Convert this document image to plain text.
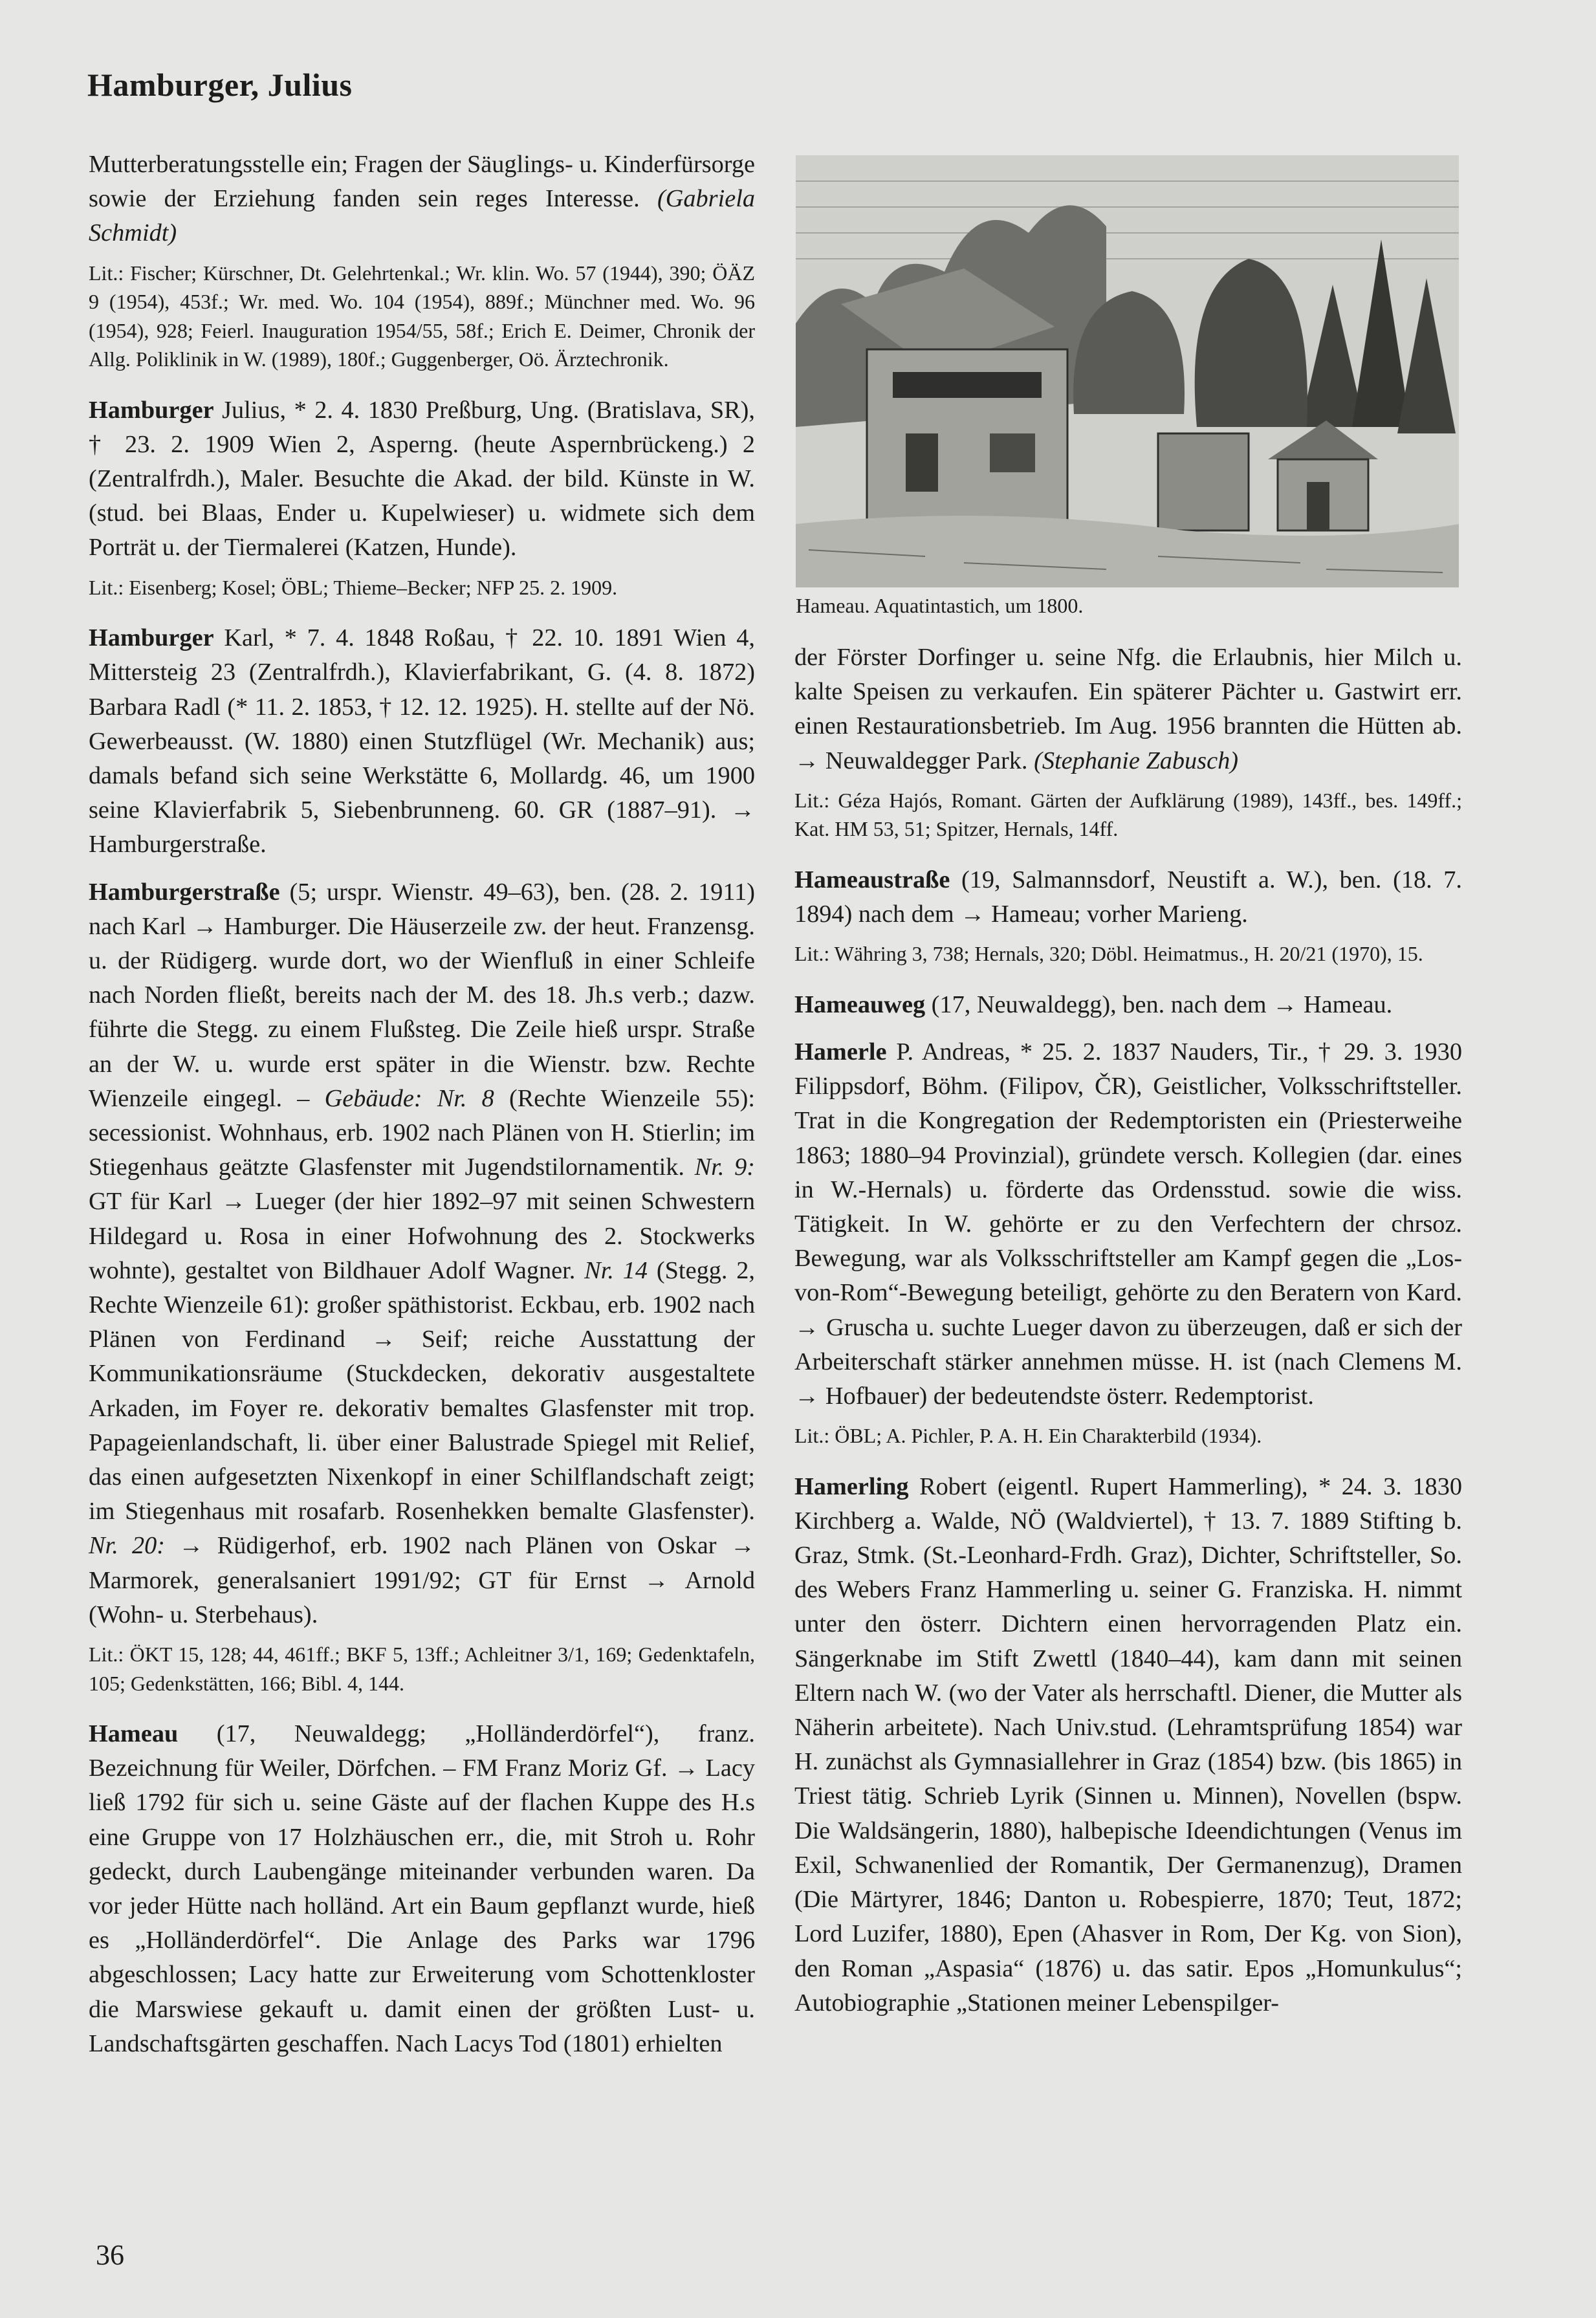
Hamburger, Julius

Mutterberatungsstelle ein; Fragen der Säuglings- u. Kinderfürsorge sowie der Erziehung fanden sein reges Interesse. (Gabriela Schmidt)

Lit.: Fischer; Kürschner, Dt. Gelehrtenkal.; Wr. klin. Wo. 57 (1944), 390; ÖÄZ 9 (1954), 453f.; Wr. med. Wo. 104 (1954), 889f.; Münchner med. Wo. 96 (1954), 928; Feierl. Inauguration 1954/55, 58f.; Erich E. Deimer, Chronik der Allg. Poliklinik in W. (1989), 180f.; Guggenberger, Oö. Ärztechronik.

Hamburger Julius, * 2. 4. 1830 Preßburg, Ung. (Bratislava, SR), † 23. 2. 1909 Wien 2, Asperng. (heute Aspernbrückeng.) 2 (Zentralfrdh.), Maler. Besuchte die Akad. der bild. Künste in W. (stud. bei Blaas, Ender u. Kupelwieser) u. widmete sich dem Porträt u. der Tiermalerei (Katzen, Hunde).

Lit.: Eisenberg; Kosel; ÖBL; Thieme–Becker; NFP 25. 2. 1909.

Hamburger Karl, * 7. 4. 1848 Roßau, † 22. 10. 1891 Wien 4, Mittersteig 23 (Zentralfrdh.), Klavierfabrikant, G. (4. 8. 1872) Barbara Radl (* 11. 2. 1853, † 12. 12. 1925). H. stellte auf der Nö. Gewerbeausst. (W. 1880) einen Stutzflügel (Wr. Mechanik) aus; damals befand sich seine Werkstätte 6, Mollardg. 46, um 1900 seine Klavierfabrik 5, Siebenbrunneng. 60. GR (1887–91). → Hamburgerstraße.

Hamburgerstraße (5; urspr. Wienstr. 49–63), ben. (28. 2. 1911) nach Karl → Hamburger. Die Häuserzeile zw. der heut. Franzensg. u. der Rüdigerg. wurde dort, wo der Wienfluß in einer Schleife nach Norden fließt, bereits nach der M. des 18. Jh.s verb.; dazw. führte die Stegg. zu einem Flußsteg. Die Zeile hieß urspr. Straße an der W. u. wurde erst später in die Wienstr. bzw. Rechte Wienzeile eingegl. – Gebäude: Nr. 8 (Rechte Wienzeile 55): secessionist. Wohnhaus, erb. 1902 nach Plänen von H. Stierlin; im Stiegenhaus geätzte Glasfenster mit Jugendstilornamentik. Nr. 9: GT für Karl → Lueger (der hier 1892–97 mit seinen Schwestern Hildegard u. Rosa in einer Hofwohnung des 2. Stockwerks wohnte), gestaltet von Bildhauer Adolf Wagner. Nr. 14 (Stegg. 2, Rechte Wienzeile 61): großer späthistorist. Eckbau, erb. 1902 nach Plänen von Ferdinand → Seif; reiche Ausstattung der Kommunikationsräume (Stuckdecken, dekorativ ausgestaltete Arkaden, im Foyer re. dekorativ bemaltes Glasfenster mit trop. Papageienlandschaft, li. über einer Balustrade Spiegel mit Relief, das einen aufgesetzten Nixenkopf in einer Schilflandschaft zeigt; im Stiegenhaus mit rosafarb. Rosenhekken bemalte Glasfenster). Nr. 20: → Rüdigerhof, erb. 1902 nach Plänen von Oskar → Marmorek, generalsaniert 1991/92; GT für Ernst → Arnold (Wohn- u. Sterbehaus).

Lit.: ÖKT 15, 128; 44, 461ff.; BKF 5, 13ff.; Achleitner 3/1, 169; Gedenktafeln, 105; Gedenkstätten, 166; Bibl. 4, 144.

Hameau (17, Neuwaldegg; „Holländerdörfel“), franz. Bezeichnung für Weiler, Dörfchen. – FM Franz Moriz Gf. → Lacy ließ 1792 für sich u. seine Gäste auf der flachen Kuppe des H.s eine Gruppe von 17 Holzhäuschen err., die, mit Stroh u. Rohr gedeckt, durch Laubengänge miteinander verbunden waren. Da vor jeder Hütte nach holländ. Art ein Baum gepflanzt wurde, hieß es „Holländerdörfel“. Die Anlage des Parks war 1796 abgeschlossen; Lacy hatte zur Erweiterung vom Schottenkloster die Marswiese gekauft u. damit einen der größten Lust- u. Landschaftsgärten geschaffen. Nach Lacys Tod (1801) erhielten

Hameau. Aquatintastich, um 1800.

der Förster Dorfinger u. seine Nfg. die Erlaubnis, hier Milch u. kalte Speisen zu verkaufen. Ein späterer Pächter u. Gastwirt err. einen Restaurationsbetrieb. Im Aug. 1956 brannten die Hütten ab. → Neuwaldegger Park. (Stephanie Zabusch)

Lit.: Géza Hajós, Romant. Gärten der Aufklärung (1989), 143ff., bes. 149ff.; Kat. HM 53, 51; Spitzer, Hernals, 14ff.

Hameaustraße (19, Salmannsdorf, Neustift a. W.), ben. (18. 7. 1894) nach dem → Hameau; vorher Marieng.

Lit.: Währing 3, 738; Hernals, 320; Döbl. Heimatmus., H. 20/21 (1970), 15.

Hameauweg (17, Neuwaldegg), ben. nach dem → Hameau.

Hamerle P. Andreas, * 25. 2. 1837 Nauders, Tir., † 29. 3. 1930 Filippsdorf, Böhm. (Filipov, ČR), Geistlicher, Volksschriftsteller. Trat in die Kongregation der Redemptoristen ein (Priesterweihe 1863; 1880–94 Provinzial), gründete versch. Kollegien (dar. eines in W.-Hernals) u. förderte das Ordensstud. sowie die wiss. Tätigkeit. In W. gehörte er zu den Verfechtern der chrsoz. Bewegung, war als Volksschriftsteller am Kampf gegen die „Los-von-Rom“-Bewegung beteiligt, gehörte zu den Beratern von Kard. → Gruscha u. suchte Lueger davon zu überzeugen, daß er sich der Arbeiterschaft stärker annehmen müsse. H. ist (nach Clemens M. → Hofbauer) der bedeutendste österr. Redemptorist.

Lit.: ÖBL; A. Pichler, P. A. H. Ein Charakterbild (1934).

Hamerling Robert (eigentl. Rupert Hammerling), * 24. 3. 1830 Kirchberg a. Walde, NÖ (Waldviertel), † 13. 7. 1889 Stifting b. Graz, Stmk. (St.-Leonhard-Frdh. Graz), Dichter, Schriftsteller, So. des Webers Franz Hammerling u. seiner G. Franziska. H. nimmt unter den österr. Dichtern einen hervorragenden Platz ein. Sängerknabe im Stift Zwettl (1840–44), kam dann mit seinen Eltern nach W. (wo der Vater als herrschaftl. Diener, die Mutter als Näherin arbeitete). Nach Univ.stud. (Lehramtsprüfung 1854) war H. zunächst als Gymnasiallehrer in Graz (1854) bzw. (bis 1865) in Triest tätig. Schrieb Lyrik (Sinnen u. Minnen), Novellen (bspw. Die Waldsängerin, 1880), halbepische Ideendichtungen (Venus im Exil, Schwanenlied der Romantik, Der Germanenzug), Dramen (Die Märtyrer, 1846; Danton u. Robespierre, 1870; Teut, 1872; Lord Luzifer, 1880), Epen (Ahasver in Rom, Der Kg. von Sion), den Roman „Aspasia“ (1876) u. das satir. Epos „Homunkulus“; Autobiographie „Stationen meiner Lebenspilger-

36
